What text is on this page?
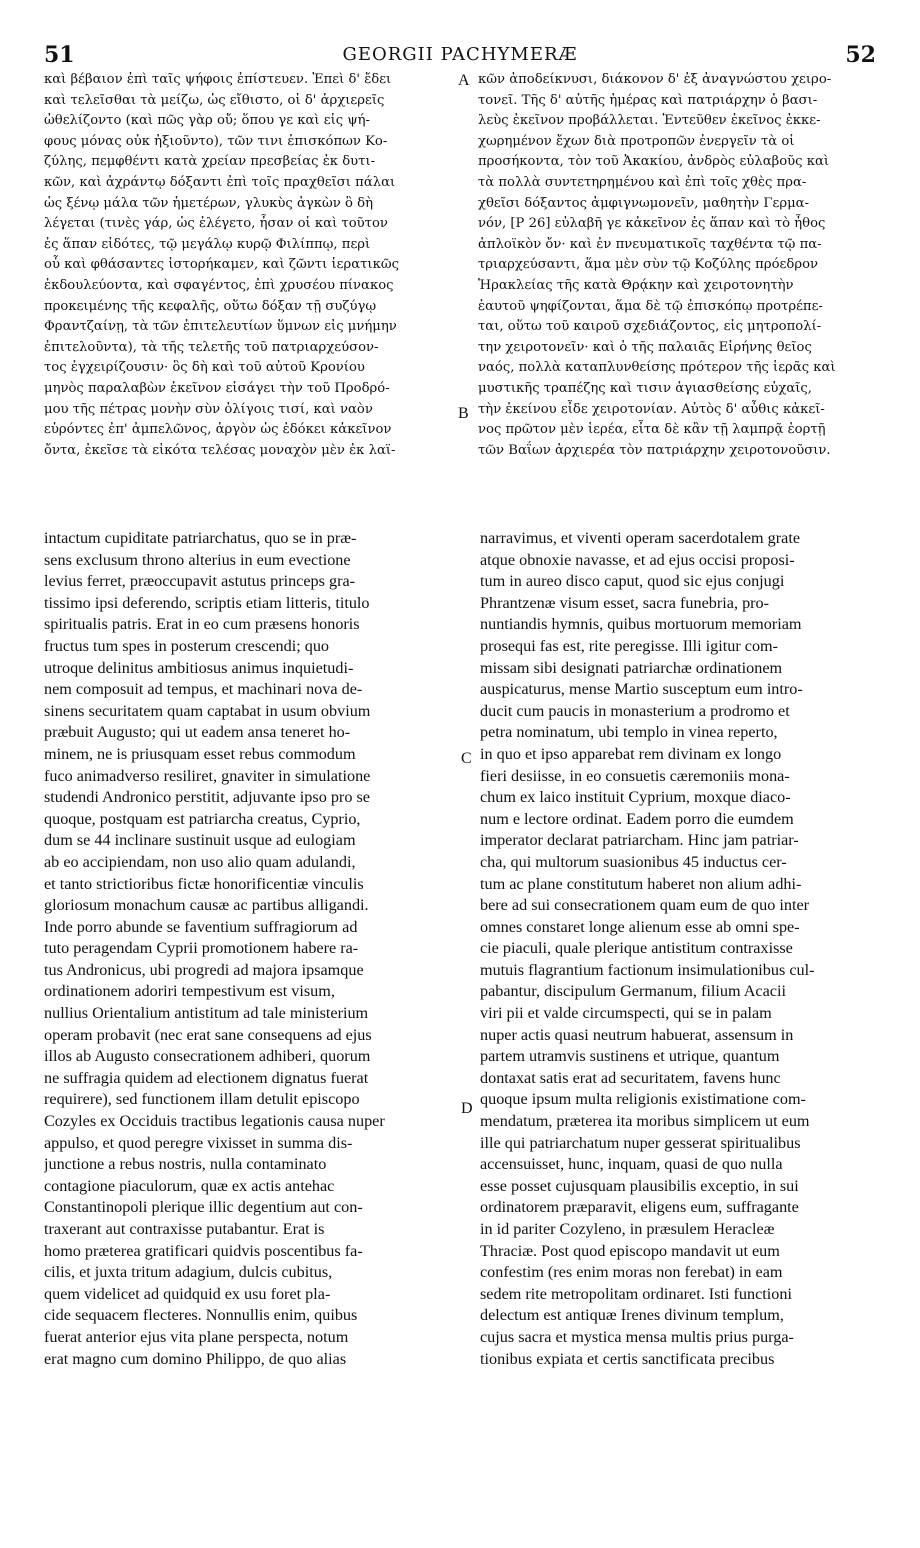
51	GEORGII PACHYMERÆ	52
καὶ βέβαιον ἐπὶ ταῖς ψήφοις ἐπίστευεν. Ἐπεὶ δ' ἔδει
καὶ τελεῖσθαι τὰ μείζω, ὡς εἴθιστο, οἱ δ' ἀρχιερεῖς
ὠθελίζοντο (καὶ πῶς γὰρ οὔ; ὅπου γε καὶ εἰς ψή-
φους μόνας οὐκ ἠξιοῦντο), τῶν τινι ἐπισκόπων Κο-
ζύλης, πεμφθέντι κατὰ χρείαν πρεσβείας ἐκ δυτι-
κῶν, καὶ ἀχράντῳ δόξαντι ἐπὶ τοῖς πραχθεῖσι πάλαι
ὡς ξένῳ μάλα τῶν ἡμετέρων, γλυκὺς ἀγκὼν ὃ δὴ
λέγεται (τινὲς γάρ, ὡς ἐλέγετο, ἦσαν οἱ καὶ τοῦτον
ἐς ἅπαν εἰδότες, τῷ μεγάλῳ κυρῷ Φιλίππῳ, περὶ
οὗ καὶ φθάσαντες ἱστορήκαμεν, καὶ ζῶντι ἱερατικῶς
ἐκδουλεύοντα, καὶ σφαγέντος, ἐπὶ χρυσέου πίνακος
προκειμένης τῆς κεφαλῆς, οὕτω δόξαν τῇ συζύγῳ
Φραντζαίνῃ, τὰ τῶν ἐπιτελευτίων ὕμνων εἰς μνήμην
ἐπιτελοῦντα), τὰ τῆς τελετῆς τοῦ πατριαρχεύσον-
τος ἐγχειρίζουσιν· ὃς δὴ καὶ τοῦ αὐτοῦ Κρονίου
μηνὸς παραλαβὼν ἐκεῖνον εἰσάγει τὴν τοῦ Προδρό-
μου τῆς πέτρας μονὴν σὺν ὀλίγοις τισί, καὶ ναὸν
εὑρόντες ἐπ' ἀμπελῶνος, ἀργὸν ὡς ἐδόκει κἀκεῖνον
ὄντα, ἐκεῖσε τὰ εἰκότα τελέσας μοναχὸν μὲν ἐκ λαϊ-
κῶν ἀποδείκνυσι, διάκονον δ' ἐξ ἀναγνώστου χειρο-
τονεῖ. Τῆς δ' αὐτῆς ἡμέρας καὶ πατριάρχην ὁ βασι-
λεὺς ἐκεῖνον προβάλλεται. Ἐντεῦθεν ἐκεῖνος ἐκκε-
χωρημένον ἔχων διὰ προτροπῶν ἐνεργεῖν τὰ οἱ
προσήκοντα, τὸν τοῦ Ἀκακίου, ἀνδρὸς εὐλαβοῦς καὶ
τὰ πολλὰ συντετηρημένου καὶ ἐπὶ τοῖς χθὲς πρα-
χθεῖσι δόξαντος ἀμφιγνωμονεῖν, μαθητὴν Γερμα-
νόν, [P 26] εὐλαβῆ γε κἀκεῖνον ἐς ἅπαν καὶ τὸ ἦθος
ἁπλοϊκὸν ὄν· καὶ ἐν πνευματικοῖς ταχθέντα τῷ πα-
τριαρχεύσαντι, ἅμα μὲν σὺν τῷ Κοζύλης πρόεδρον
Ἡρακλείας τῆς κατὰ Θρᾴκην καὶ χειροτονητὴν
ἑαυτοῦ ψηφίζονται, ἅμα δὲ τῷ ἐπισκόπῳ προτρέπε-
ται, οὕτω τοῦ καιροῦ σχεδιάζοντος, εἰς μητροπολί-
την χειροτονεῖν· καὶ ὁ τῆς παλαιᾶς Εἰρήνης θεῖος
ναός, πολλὰ καταπλυνθείσης πρότερον τῆς ἱερᾶς καὶ
μυστικῆς τραπέζης καὶ τισιν ἁγιασθείσης εὐχαῖς,
τὴν ἐκείνου εἶδε χειροτονίαν. Αὐτὸς δ' αὖθις κἀκεῖ-
νος πρῶτον μὲν ἱερέα, εἶτα δὲ κἂν τῇ λαμπρᾷ ἑορτῇ
τῶν Βαΐων ἀρχιερέα τὸν πατριάρχην χειροτονοῦσιν.
A
B
intactum cupiditate patriarchatus, quo se in præ-
sens exclusum throno alterius in eum evectione
levius ferret, præoccupavit astutus princeps gra-
tissimo ipsi deferendo, scriptis etiam litteris, titulo
spiritualis patris. Erat in eo cum præsens honoris
fructus tum spes in posterum crescendi; quo
utroque delinitus ambitiosus animus inquietudi-
nem composuit ad tempus, et machinari nova de-
sinens securitatem quam captabat in usum obvium
præbuit Augusto; qui ut eadem ansa teneret ho-
minem, ne is priusquam esset rebus commodum
fuco animadverso resiliret, gnaviter in simulatione
studendi Andronico perstitit, adjuvante ipso pro se
quoque, postquam est patriarcha creatus, Cyprio,
dum se 44 inclinare sustinuit usque ad eulogiam
ab eo accipiendam, non uso alio quam adulandi,
et tanto strictioribus fictæ honorificentiæ vinculis
gloriosum monachum causæ ac partibus alligandi.
Inde porro abunde se faventium suffragiorum ad
tuto peragendam Cyprii promotionem habere ra-
tus Andronicus, ubi progredi ad majora ipsamque
ordinationem adoriri tempestivum est visum,
nullius Orientalium antistitum ad tale ministerium
operam probavit (nec erat sane consequens ad ejus
illos ab Augusto consecrationem adhiberi, quorum
ne suffragia quidem ad electionem dignatus fuerat
requirere), sed functionem illam detulit episcopo
Cozyles ex Occiduis tractibus legationis causa nuper
appulso, et quod peregre vixisset in summa dis-
junctione a rebus nostris, nulla contaminato
contagione piaculorum, quæ ex actis antehac
Constantinopoli plerique illic degentium aut con-
traxerant aut contraxisse putabantur. Erat is
homo præterea gratificari quidvis poscentibus fa-
cilis, et juxta tritum adagium, dulcis cubitus,
quem videlicet ad quidquid ex usu foret pla-
cide sequacem flecteres. Nonnullis enim, quibus
fuerat anterior ejus vita plane perspecta, notum
erat magno cum domino Philippo, de quo alias
narravimus, et viventi operam sacerdotalem grate
atque obnoxie navasse, et ad ejus occisi proposi-
tum in aureo disco caput, quod sic ejus conjugi
Phrantzenæ visum esset, sacra funebria, pro-
nuntiandis hymnis, quibus mortuorum memoriam
prosequi fas est, rite peregisse. Illi igitur com-
missam sibi designati patriarchæ ordinationem
auspicaturus, mense Martio susceptum eum intro-
ducit cum paucis in monasterium a prodromo et
petra nominatum, ubi templo in vinea reperto,
in quo et ipso apparebat rem divinam ex longo
fieri desiisse, in eo consuetis cæremoniis mona-
chum ex laico instituit Cyprium, moxque diaco-
num e lectore ordinat. Eadem porro die eumdem
imperator declarat patriarcham. Hinc jam patriar-
cha, qui multorum suasionibus 45 inductus cer-
tum ac plane constitutum haberet non alium adhi-
bere ad sui consecrationem quam eum de quo inter
omnes constaret longe alienum esse ab omni spe-
cie piaculi, quale plerique antistitum contraxisse
mutuis flagrantium factionum insimulationibus cul-
pabantur, discipulum Germanum, filium Acacii
viri pii et valde circumspecti, qui se in palam
nuper actis quasi neutrum habuerat, assensum in
partem utramvis sustinens et utrique, quantum
dontaxat satis erat ad securitatem, favens hunc
quoque ipsum multa religionis existimatione com-
mendatum, præterea ita moribus simplicem ut eum
ille qui patriarchatum nuper gesserat spiritualibus
accensuisset, hunc, inquam, quasi de quo nulla
esse posset cujusquam plausibilis exceptio, in sui
ordinatorem præparavit, eligens eum, suffragante
in id pariter Cozyleno, in præsulem Heracleæ
Thraciæ. Post quod episcopo mandavit ut eum
confestim (res enim moras non ferebat) in eam
sedem rite metropolitam ordinaret. Isti functioni
delectum est antiquæ Irenes divinum templum,
cujus sacra et mystica mensa multis prius purga-
tionibus expiata et certis sanctificata precibus
C
D
